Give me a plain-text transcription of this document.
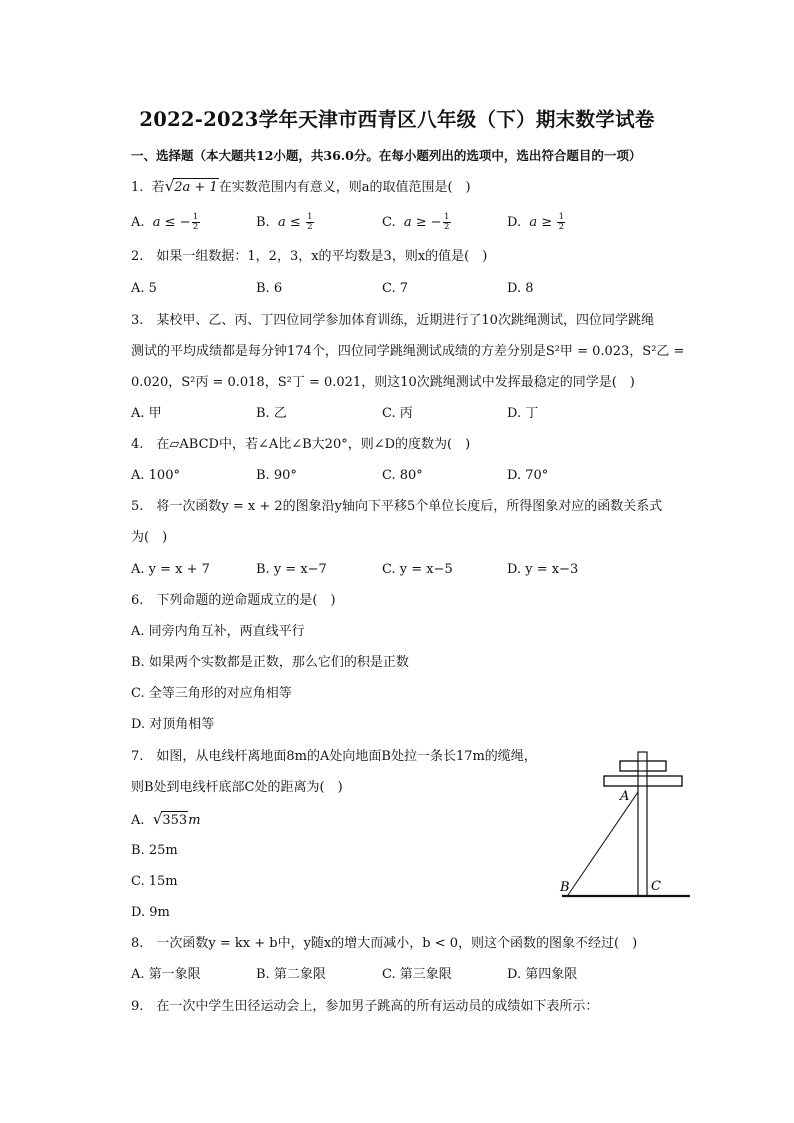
2022-2023学年天津市西青区八年级（下）期末数学试卷
一、选择题（本大题共12小题，共36.0分。在每小题列出的选项中，选出符合题目的一项）
1. 若√2a + 1在实数范围内有意义，则a的取值范围是(　)
A. a ≤ − $\frac{1}{2}$	B. $a \le \frac{1}{2}$	C. a ≥ − $\frac{1}{2}$	D. $a \ge \frac{1}{2}$
2.　如果一组数据：1，2，3，x的平均数是3，则x的值是(　)
A. 5	B. 6	C. 7	D. 8
3.　某校甲、乙、丙、丁四位同学参加体育训练，近期进行了10次跳绳测试，四位同学跳绳
测试的平均成绩都是每分钟174个，四位同学跳绳测试成绩的方差分别是S²甲 = 0.023，S²乙 =
0.020，S²丙 = 0.018，S²丁 = 0.021，则这10次跳绳测试中发挥最稳定的同学是(　)
A. 甲	B. 乙	C. 丙	D. 丁
4.　在▱ABCD中，若∠A比∠B大20°，则∠D的度数为(　)
A. 100°	B. 90°	C. 80°	D. 70°
5.　将一次函数y = x + 2的图象沿y轴向下平移5个单位长度后，所得图象对应的函数关系式
为(　)
A. y = x + 7	B. y = x−7	C. y = x−5	D. y = x−3
6.　下列命题的逆命题成立的是(　)
A. 同旁内角互补，两直线平行
B. 如果两个实数都是正数，那么它们的积是正数
C. 全等三角形的对应角相等
D. 对顶角相等
7.　如图，从电线杆离地面8m的A处向地面B处拉一条长17m的缆绳，
则B处到电线杆底部C处的距离为(　)
A. √353m
B. 25m
C. 15m
D. 9m
A
B	C
8.　一次函数y = kx + b中，y随x的增大而减小，b < 0，则这个函数的图象不经过(　)
A. 第一象限	B. 第二象限	C. 第三象限	D. 第四象限
9.　在一次中学生田径运动会上，参加男子跳高的所有运动员的成绩如下表所示：
